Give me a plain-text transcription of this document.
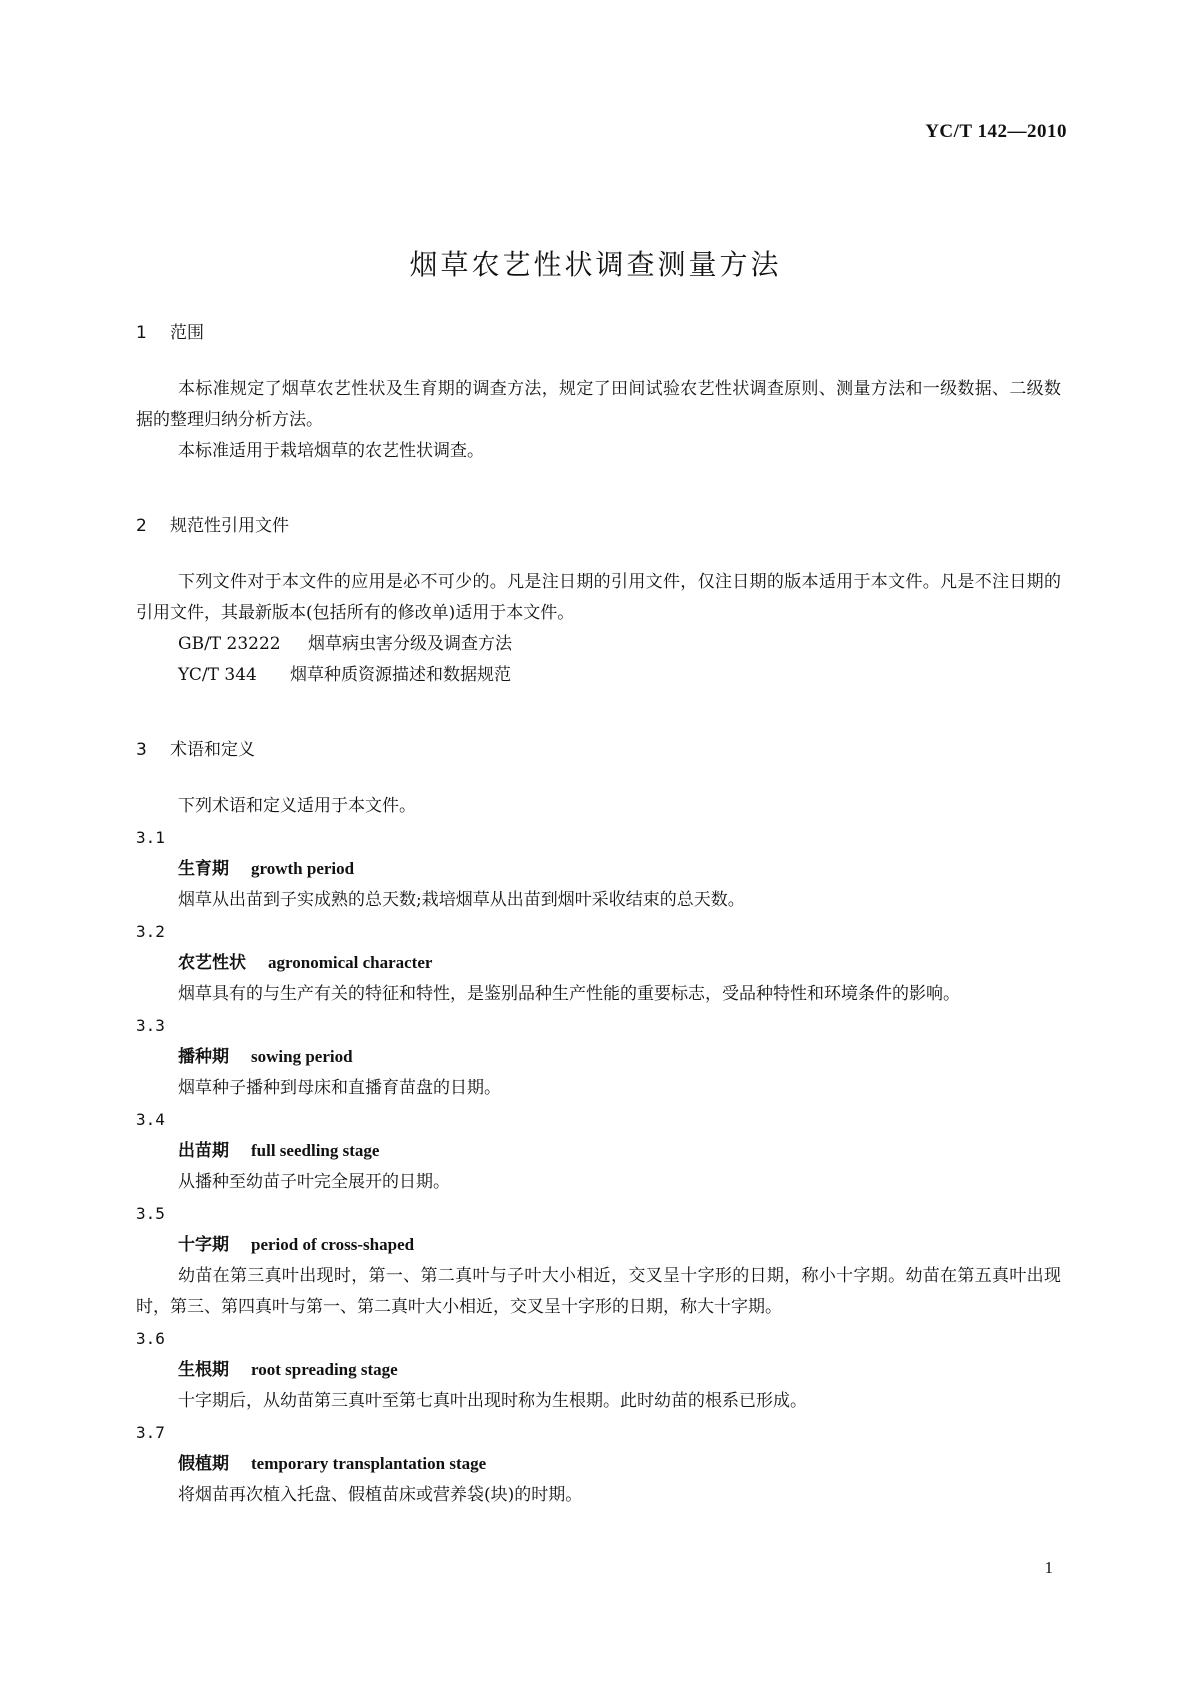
YC/T 142—2010
烟草农艺性状调查测量方法
1 范围

本标准规定了烟草农艺性状及生育期的调查方法，规定了田间试验农艺性状调查原则、测量方法和一级数据、二级数据的整理归纳分析方法。

本标准适用于栽培烟草的农艺性状调查。

2 规范性引用文件

下列文件对于本文件的应用是必不可少的。凡是注日期的引用文件，仅注日期的版本适用于本文件。凡是不注日期的引用文件，其最新版本(包括所有的修改单)适用于本文件。

GB/T 23222 烟草病虫害分级及调查方法
YC/T 344 烟草种质资源描述和数据规范
3 术语和定义

下列术语和定义适用于本文件。

3.1
生育期 growth period

烟草从出苗到子实成熟的总天数;栽培烟草从出苗到烟叶采收结束的总天数。

3.2
农艺性状 agronomical character

烟草具有的与生产有关的特征和特性，是鉴别品种生产性能的重要标志，受品种特性和环境条件的影响。

3.3
播种期 sowing period

烟草种子播种到母床和直播育苗盘的日期。

3.4
出苗期 full seedling stage

从播种至幼苗子叶完全展开的日期。

3.5
十字期 period of cross-shaped

幼苗在第三真叶出现时，第一、第二真叶与子叶大小相近，交叉呈十字形的日期，称小十字期。幼苗在第五真叶出现时，第三、第四真叶与第一、第二真叶大小相近，交叉呈十字形的日期，称大十字期。

3.6
生根期 root spreading stage

十字期后，从幼苗第三真叶至第七真叶出现时称为生根期。此时幼苗的根系已形成。

3.7
假植期 temporary transplantation stage

将烟苗再次植入托盘、假植苗床或营养袋(块)的时期。

1
